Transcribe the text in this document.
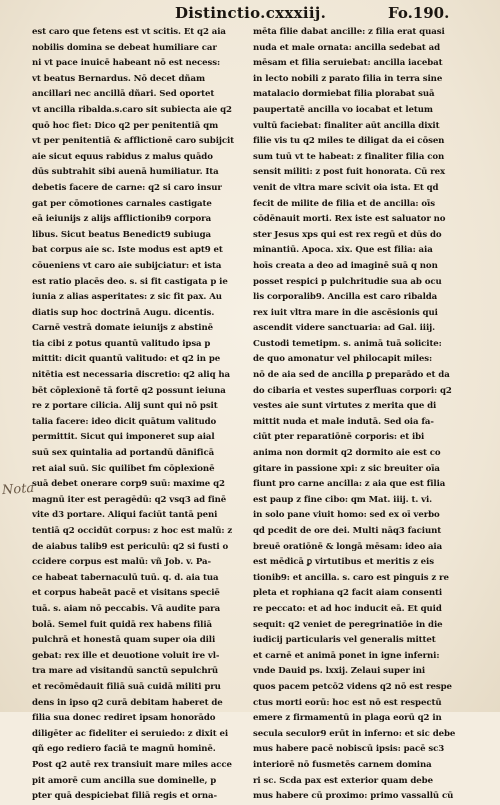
Distinctio.cxxxiij.	Fo.190.
est caro que fetens est vt scitis. Et q2 aia
nobilis domina se debeat humiliare car
ni vt pace inuicē habeant nō est necess:
vt beatus Bernardus. Nō decet dñam
ancillari nec ancillā dñari. Sed oportet
vt ancilla ribalda.s.caro sit subiecta aie q2
quō hoc fiet: Dico q2 per penitentiā qm
vt per penitentiā & afflictionē caro subijcit
aie sicut equus rabidus z malus quādo
dūs subtrahit sibi auenā humiliatur. Ita
debetis facere de carne: q2 si caro insur
gat per cōmotiones carnales castigate
eā ieiunijs z alijs afflictionib9 corpora
libus. Sicut beatus Benedict9 subiuga
bat corpus aie sc. Iste modus est apt9 et
cōueniens vt caro aie subijciatur: et ista
est ratio placēs deo. s. si fit castigata p ie
iunia z alias asperitates: z sic fit pax. Au
diatis sup hoc doctrinā Augu. dicentis.
Carnē vestrā domate ieiunijs z abstinē
tia cibi z potus quantū valitudo ipsa p
mittit: dicit quantū valitudo: et q2 in pe
nitētia est necessaria discretio: q2 aliq ha
bēt cōplexionē tā fortē q2 possunt ieiuna
re z portare cilicia. Alij sunt qui nō psit
talia facere: ideo dicit quātum valitudo
permittit. Sicut qui imponeret sup aial
suū sex quintalia ad portandū dānificā
ret aial suū. Sic quilibet fm cōplexionē
suā debet onerare corp9 suū: maxime q2
magnū iter est peragēdū: q2 vsq3 ad finē
vite d3 portare. Aliqui faciūt tantā peni
tentiā q2 occidūt corpus: z hoc est malū: z
de aiabus talib9 est periculū: q2 si fusti o
ccidere corpus est malū: vñ Job. v. Pa-
ce habeat tabernaculū tuū. q. d. aia tua
et corpus habeāt pacē et visitans speciē
tuā. s. aiam nō peccabis. Vā audite para
bolā. Semel fuit quidā rex habens filiā
pulchrā et honestā quam super oia dili
gebat: rex ille et deuotione voluit ire vl-
tra mare ad visitandū sanctū sepulchrū
et recōmēdauit filiā suā cuidā militi pru
dens in ipso q2 curā debitam haberet de
filia sua donec rediret ipsam honorādo
diligēter ac fideliter ei seruiedo: z dixit ei
qñ ego rediero faciā te magnū hominē.
Post q2 autē rex transiuit mare miles acce
pit amorē cum ancilla sue dominelle, p
pter quā despiciebat filiā regis et orna-
mēta filie dabat ancille: z filia erat quasi
nuda et male ornata: ancilla sedebat ad
mēsam et filia seruiebat: ancilla iacebat
in lecto nobili z parato filia in terra sine
matalacio dormiebat filia plorabat suā
paupertatē ancilla vo iocabat et letum
vultū faciebat: finaliter aūt ancilla dixit
filie vis tu q2 miles te diligat da ei cōsen
sum tuū vt te habeat: z finaliter filia con
sensit militi: z post fuit honorata. Cū rex
venit de vltra mare scivit oia ista. Et qd
fecit de milite de filia et de ancilla: oīs
cōdēnauit morti. Rex iste est saluator no
ster Jesus xps qui est rex regū et dūs do
minantiū. Apoca. xix. Que est filia: aia
hoīs creata a deo ad imaginē suā q non
posset respici p pulchritudie sua ab ocu
lis corporalib9. Ancilla est caro ribalda
rex iuit vltra mare in die ascēsionis qui
ascendit videre sanctuaria: ad Gal. iiij.
Custodi temetipm. s. animā tuā solicite:
de quo amonatur vel philocapit miles:
nō de aia sed de ancilla ꝑ preparādo et da
do cibaria et vestes superfluas corpori: q2
vestes aie sunt virtutes z merita que di
mittit nuda et male indutā. Sed oia fa-
ciūt pter reparatiōnē corporis: et ibi
anima non dormit q2 dormito aie est co
gitare in passione xpi: z sic breuiter oīa
fiunt pro carne ancilla: z aia que est filia
est paup z fine cibo: qm Mat. iiij. t. vi.
in solo pane viuit homo: sed ex oī verbo
qd pcedit de ore dei. Multi nāq3 faciunt
breuē oratiōnē & longā mēsam: ideo aia
est mēdicā ꝑ virtutibus et meritis z eis
tionib9: et ancilla. s. caro est pinguis z re
pleta et rophiana q2 facit aiam consenti
re peccato: et ad hoc inducit eā. Et quid
sequit: q2 veniet de peregrinatiōe in die
iudicij particularis vel generalis mittet
et carnē et animā ponet in igne inferni:
vnde Dauid ps. lxxij. Zelaui super ini
quos pacem petcō2 videns q2 nō est respe
ctus morti eorū: hoc est nō est respectū
emere z firmamentū in plaga eorū q2 in
secula seculor9 erūt in inferno: et sic debe
mus habere pacē nobiscū ipsis: pacē sc3
interiorē nō fusmetēs carnem domina
ri sc. Scda pax est exterior quam debe
mus habere cū proximo: primo vassallū cū
Nota
